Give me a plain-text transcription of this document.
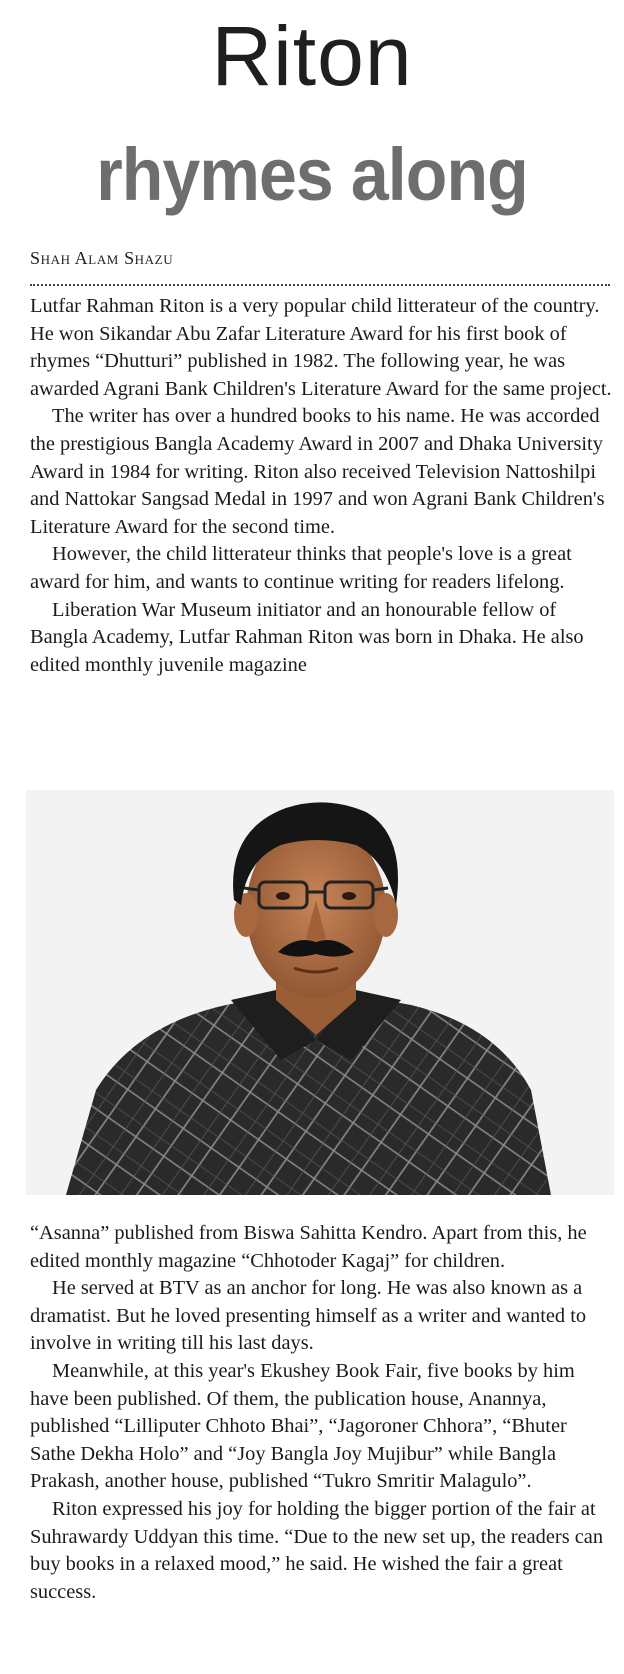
Riton
rhymes along
Shah Alam Shazu

Lutfar Rahman Riton is a very popular child litterateur of the country. He won Sikandar Abu Zafar Literature Award for his first book of rhymes “Dhutturi” published in 1982. The following year, he was awarded Agrani Bank Children's Literature Award for the same project.

The writer has over a hundred books to his name. He was accorded the prestigious Bangla Academy Award in 2007 and Dhaka University Award in 1984 for writing. Riton also received Television Nattoshilpi and Nattokar Sangsad Medal in 1997 and won Agrani Bank Children's Literature Award for the second time.

However, the child litterateur thinks that people's love is a great award for him, and wants to continue writing for readers lifelong.

Liberation War Museum initiator and an honourable fellow of Bangla Academy, Lutfar Rahman Riton was born in Dhaka. He also edited monthly juvenile magazine

“Asanna” published from Biswa Sahitta Kendro. Apart from this, he edited monthly magazine “Chhotoder Kagaj” for children.

He served at BTV as an anchor for long. He was also known as a dramatist. But he loved presenting himself as a writer and wanted to involve in writing till his last days.

Meanwhile, at this year's Ekushey Book Fair, five books by him have been published. Of them, the publication house, Anannya, published “Lilliputer Chhoto Bhai”, “Jagoroner Chhora”, “Bhuter Sathe Dekha Holo” and “Joy Bangla Joy Mujibur” while Bangla Prakash, another house, published “Tukro Smritir Malagulo”.

Riton expressed his joy for holding the bigger portion of the fair at Suhrawardy Uddyan this time. “Due to the new set up, the readers can buy books in a relaxed mood,” he said. He wished the fair a great success.
